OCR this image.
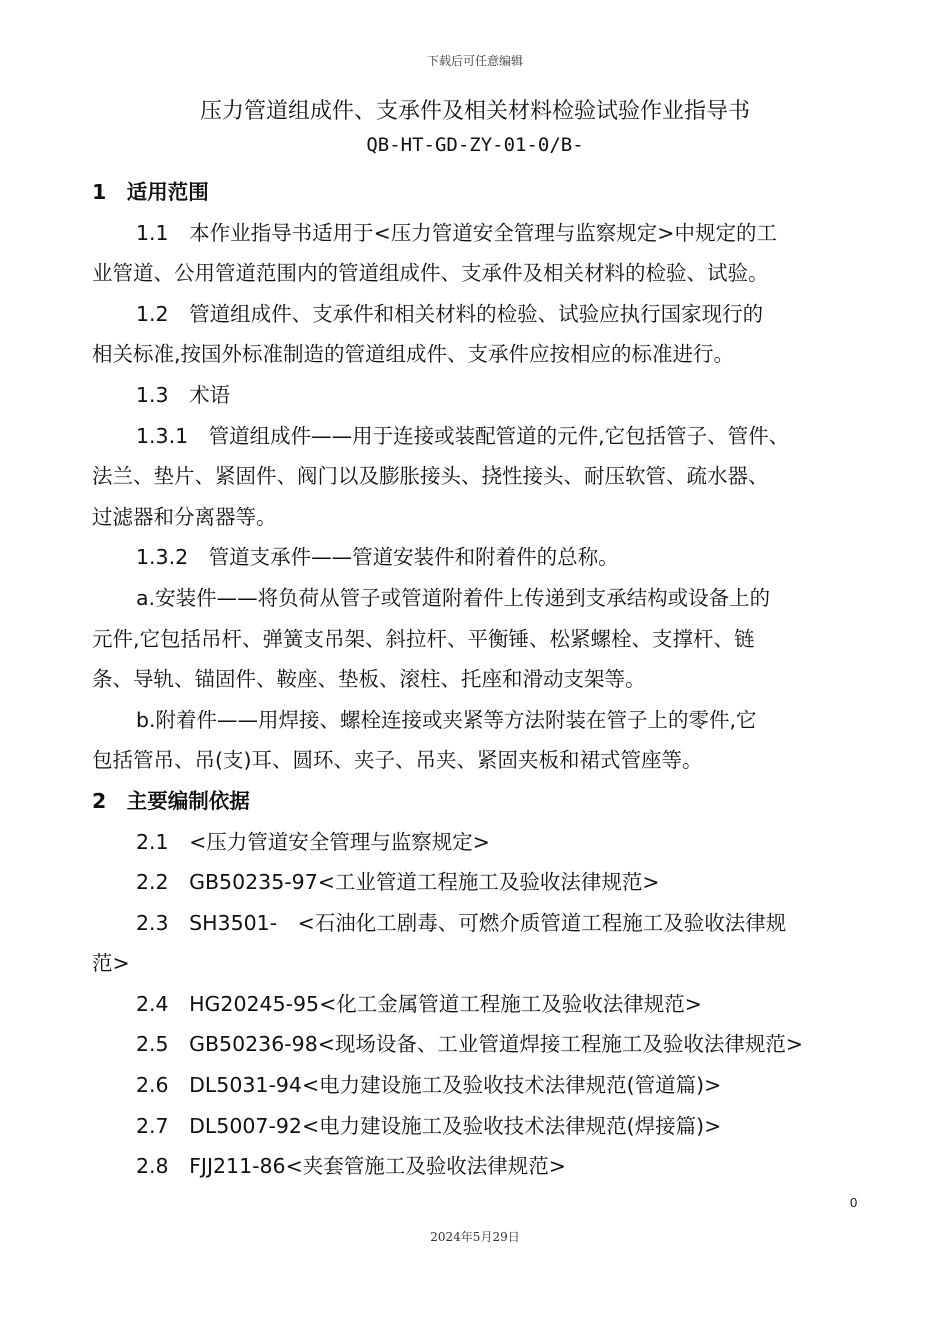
下载后可任意编辑
压力管道组成件、支承件及相关材料检验试验作业指导书
QB-HT-GD-ZY-01-0/B-
1　适用范围
1.1　本作业指导书适用于<压力管道安全管理与监察规定>中规定的工
业管道、公用管道范围内的管道组成件、支承件及相关材料的检验、试验。
1.2　管道组成件、支承件和相关材料的检验、试验应执行国家现行的
相关标准,按国外标准制造的管道组成件、支承件应按相应的标准进行。
1.3　术语
1.3.1　管道组成件——用于连接或装配管道的元件,它包括管子、管件、
法兰、垫片、紧固件、阀门以及膨胀接头、挠性接头、耐压软管、疏水器、
过滤器和分离器等。
1.3.2　管道支承件——管道安装件和附着件的总称。
a.安装件——将负荷从管子或管道附着件上传递到支承结构或设备上的
元件,它包括吊杆、弹簧支吊架、斜拉杆、平衡锤、松紧螺栓、支撑杆、链
条、导轨、锚固件、鞍座、垫板、滚柱、托座和滑动支架等。
b.附着件——用焊接、螺栓连接或夹紧等方法附装在管子上的零件,它
包括管吊、吊(支)耳、圆环、夹子、吊夹、紧固夹板和裙式管座等。
2　主要编制依据
2.1　<压力管道安全管理与监察规定>
2.2　GB50235-97<工业管道工程施工及验收法律规范>
2.3　SH3501-　<石油化工剧毒、可燃介质管道工程施工及验收法律规
范>
2.4　HG20245-95<化工金属管道工程施工及验收法律规范>
2.5　GB50236-98<现场设备、工业管道焊接工程施工及验收法律规范>
2.6　DL5031-94<电力建设施工及验收技术法律规范(管道篇)>
2.7　DL5007-92<电力建设施工及验收技术法律规范(焊接篇)>
2.8　FJJ211-86<夹套管施工及验收法律规范>
0
2024年5月29日
